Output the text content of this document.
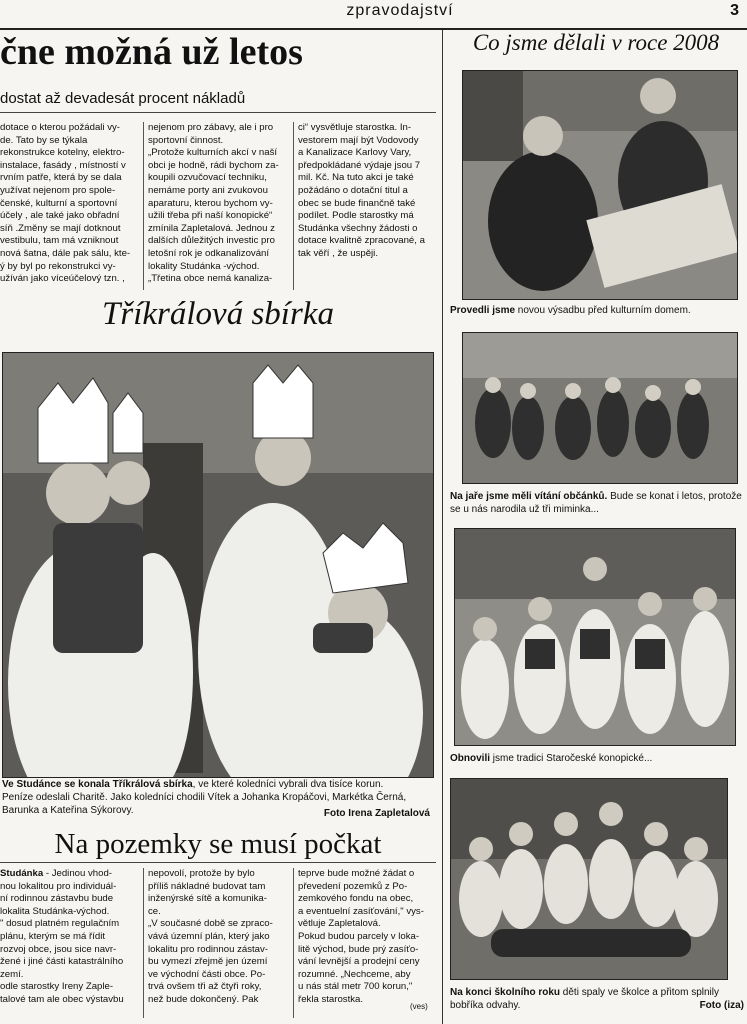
zpravodajství	3
čne možná už letos
dostat až devadesát procent nákladů
dotace o kterou požádali vy-
de. Tato by se týkala
rekonstrukce kotelny, elektro-
instalace, fasády , místností v
rvním patře, která by se dala
yužívat nejenom pro spole-
čenské, kulturní a sportovní
účely , ale také jako obřadní
síň .Změny se mají dotknout
vestibulu, tam má vzniknout
nová šatna, dále pak sálu, kte-
ý by byl po rekonstrukci vy-
užíván jako víceúčelový tzn. ,
nejenom pro zábavy, ale i pro
sportovní činnost.
„Protože kulturních akcí v naší
obci je hodně, rádi bychom za-
koupili ozvučovací techniku,
nemáme porty ani zvukovou
aparaturu, kterou bychom vy-
užili třeba při naší konopické“
zmínila Zapletalová. Jednou z
dalších důležitých investic pro
letošní rok je odkanalizování
lokality Studánka -východ.
„Třetina obce nemá kanaliza-
ci“ vysvětluje starostka. In-
vestorem mají být Vodovody
a Kanalizace Karlovy Vary,
předpokládané výdaje jsou 7
mil. Kč. Na tuto akci je také
požádáno o dotační titul a
obec se bude finančně také
podílet. Podle starostky má
Studánka všechny žádosti o
dotace kvalitně zpracované, a
tak věří , že uspěji.
Tříkrálová sbírka
Ve Studánce se konala Tříkrálová sbírka, ve které koledníci vybrali dva tisíce korun.
Peníze odeslali Charitě. Jako koledníci chodili Vítek a Johanka Kropáčovi, Markétka Černá,
Barunka a Kateřina Sýkorovy.	Foto Irena Zapletalová
Na pozemky se musí počkat
Studánka - Jedinou vhod-
nou lokalitou pro individuál-
ní rodinnou zástavbu bude
lokalita Studánka-východ.
" dosud platném regulačním
plánu, kterým se má řídit
rozvoj obce, jsou sice navr-
žené i jiné části katastrálního
zemí.
odle starostky Ireny Zaple-
talové tam ale obec výstavbu
nepovolí, protože by bylo
příliš nákladné budovat tam
inženýrské sítě a komunika-
ce.
„V současné době se zpraco-
vává územní plán, který jako
lokalitu pro rodinnou zástav-
bu vymezí zřejmě jen území
ve východní části obce. Po-
trvá ovšem tři až čtyři roky,
než bude dokončený. Pak
teprve bude možné žádat o
převedení pozemků z Po-
zemkového fondu na obec,
a eventuelní zasíťování," vys-
větluje Zapletalová.
Pokud budou parcely v loka-
litě východ, bude prý zasíťo-
vání levnější a prodejní ceny
rozumné. „Nechceme, aby
u nás stál metr 700 korun,"
řekla starostka.
(ves)
Co jsme dělali v roce 2008
Provedli jsme novou výsadbu před kulturním domem.
Na jaře jsme měli vítání občánků. Bude se konat i letos, protože se u nás narodila už tři miminka...
Obnovili jsme tradici Staročeské konopické...
Na konci školního roku děti spaly ve školce a přitom splnily bobříka odvahy.	Foto (iza)
